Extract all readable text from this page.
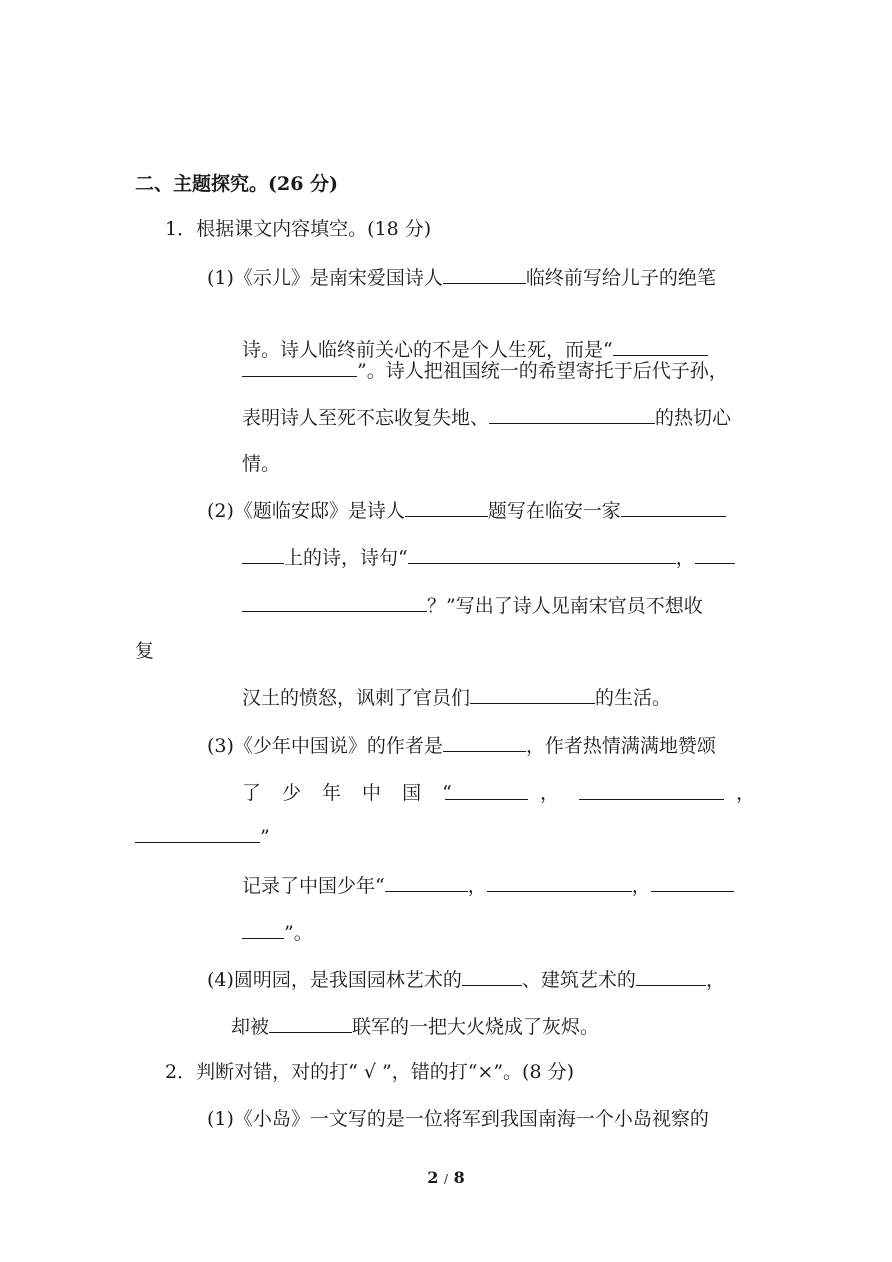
二、主题探究。(26 分)
1．根据课文内容填空。(18 分)
(1)《示儿》是南宋爱国诗人	临终前写给儿子的绝笔
诗。诗人临终前关心的不是个人生死，而是“
”。诗人把祖国统一的希望寄托于后代子孙，
表明诗人至死不忘收复失地、	的热切心
情。
(2)《题临安邸》是诗人	题写在临安一家
上的诗，诗句“	，
？”写出了诗人见南宋官员不想收
复
汉土的愤怒，讽刺了官员们	的生活。
(3)《少年中国说》的作者是	，作者热情满满地赞颂
了 少 年 中 国 “	，	，
”
记录了中国少年“	，	，
”。
(4)圆明园，是我国园林艺术的	、建筑艺术的	，
却被	联军的一把大火烧成了灰烬。
2．判断对错，对的打“ √ ”，错的打“×”。(8 分)
(1)《小岛》一文写的是一位将军到我国南海一个小岛视察的
2 / 8
